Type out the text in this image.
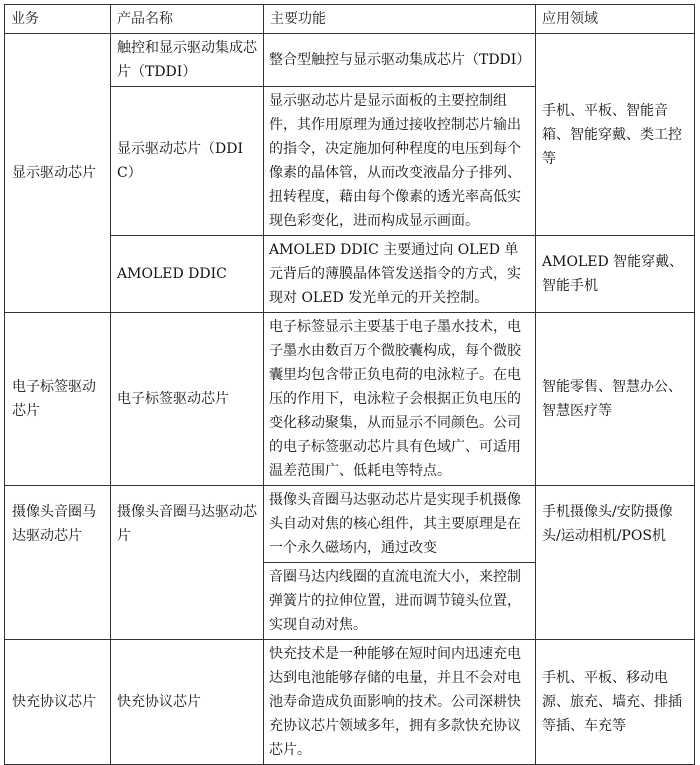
业务	产品名称	主要功能	应用领域
显示驱动芯片	触控和显示驱动集成芯片（TDDI）	整合型触控与显示驱动集成芯片（TDDI）	手机、平板、智能音箱、智能穿戴、类工控等
	显示驱动芯片（DDIC）	显示驱动芯片是显示面板的主要控制组件，其作用原理为通过接收控制芯片输出的指令，决定施加何种程度的电压到每个像素的晶体管，从而改变液晶分子排列、扭转程度，藉由每个像素的透光率高低实现色彩变化，进而构成显示画面。	
	AMOLED DDIC	AMOLED DDIC 主要通过向 OLED 单元背后的薄膜晶体管发送指令的方式，实现对 OLED 发光单元的开关控制。	AMOLED 智能穿戴、智能手机
电子标签驱动芯片	电子标签驱动芯片	电子标签显示主要基于电子墨水技术，电子墨水由数百万个微胶囊构成，每个微胶囊里均包含带正负电荷的电泳粒子。在电压的作用下，电泳粒子会根据正负电压的变化移动聚集，从而显示不同颜色。公司的电子标签驱动芯片具有色域广、可适用温差范围广、低耗电等特点。	智能零售、智慧办公、智慧医疗等
摄像头音圈马达驱动芯片	摄像头音圈马达驱动芯片	摄像头音圈马达驱动芯片是实现手机摄像头自动对焦的核心组件，其主要原理是在一个永久磁场内，通过改变	手机摄像头/安防摄像头/运动相机/POS机
		音圈马达内线圈的直流电流大小，来控制弹簧片的拉伸位置，进而调节镜头位置，实现自动对焦。	
快充协议芯片	快充协议芯片	快充技术是一种能够在短时间内迅速充电达到电池能够存储的电量，并且不会对电池寿命造成负面影响的技术。公司深耕快充协议芯片领域多年，拥有多款快充协议芯片。	手机、平板、移动电源、旅充、墙充、排插等插、车充等
